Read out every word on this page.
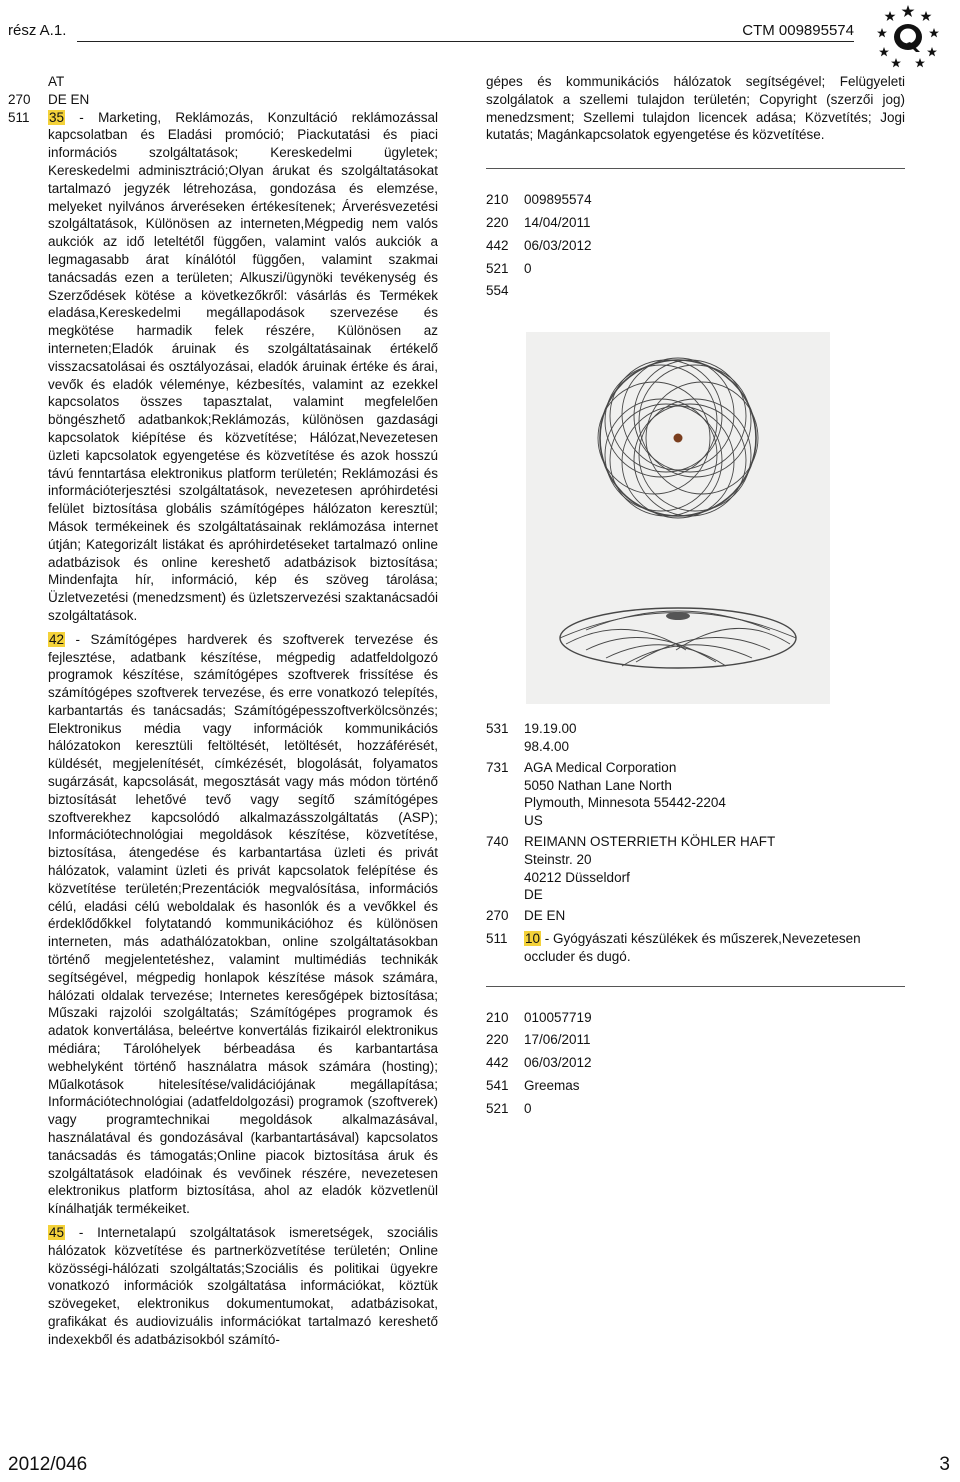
rész A.1.	CTM 009895574
AT
270	DE EN
511	35 - Marketing, Reklámozás, Konzultáció reklámozással kapcsolatban és Eladási promóció; Piackutatási és piaci információs szolgáltatások; Kereskedelmi ügyletek; Kereskedelmi adminisztráció;Olyan árukat és szolgáltatásokat tartalmazó jegyzék létrehozása, gondozása és elemzése, melyeket nyilvános árveréseken értékesítenek; Árverésvezetési szolgáltatások, Különösen az interneten,Mégpedig nem valós aukciók az idő leteltétől függően, valamint valós aukciók a legmagasabb árat kínálótól függően, valamint szakmai tanácsadás ezen a területen; Alkuszi/ügynöki tevékenység és Szerződések kötése a következőkről: vásárlás és Termékek eladása,Kereskedelmi megállapodások szervezése és megkötése harmadik felek részére, Különösen az interneten;Eladók áruinak és szolgáltatásainak értékelő visszacsatolásai és osztályozásai, eladók áruinak értéke és árai, vevők és eladók véleménye, kézbesítés, valamint az ezekkel kapcsolatos összes tapasztalat, valamint megfelelően böngészhető adatbankok;Reklámozás, különösen gazdasági kapcsolatok kiépítése és közvetítése; Hálózat,Nevezetesen üzleti kapcsolatok egyengetése és közvetítése és azok hosszú távú fenntartása elektronikus platform területén; Reklámozási és információterjesztési szolgáltatások, nevezetesen apróhirdetési felület biztosítása globális számítógépes hálózaton keresztül; Mások termékeinek és szolgáltatásainak reklámozása internet útján; Kategorizált listákat és apróhirdetéseket tartalmazó online adatbázisok és online kereshető adatbázisok biztosítása; Mindenfajta hír, információ, kép és szöveg tárolása; Üzletvezetési (menedzsment) és üzletszervezési szaktanácsadói szolgáltatások.
42 - Számítógépes hardverek és szoftverek tervezése és fejlesztése, adatbank készítése, mégpedig adatfeldolgozó programok készítése, számítógépes szoftverek frissítése és számítógépes szoftverek tervezése, és erre vonatkozó telepítés, karbantartás és tanácsadás; Számítógépesszoftverkölcsönzés; Elektronikus média vagy információk kommunikációs hálózatokon keresztüli feltöltését, letöltését, hozzáférését, küldését, megjelenítését, címkézését, blogolását, folyamatos sugárzását, kapcsolását, megosztását vagy más módon történő biztosítását lehetővé tevő vagy segítő számítógépes szoftverekhez kapcsolódó alkalmazásszolgáltatás (ASP); Információtechnológiai megoldások készítése, közvetítése, biztosítása, átengedése és karbantartása üzleti és privát hálózatok, valamint üzleti és privát kapcsolatok felépítése és közvetítése területén;Prezentációk megvalósítása, információs célú, eladási célú weboldalak és hasonlók és a vevőkkel és érdeklődőkkel folytatandó kommunikációhoz és különösen interneten, más adathálózatokban, online szolgáltatásokban történő megjelentetéshez, valamint multimédiás technikák segítségével, mégpedig honlapok készítése mások számára, hálózati oldalak tervezése; Internetes keresőgépek biztosítása; Műszaki rajzolói szolgáltatás; Számítógépes programok és adatok konvertálása, beleértve konvertálás fizikairól elektronikus médiára; Tárolóhelyek bérbeadása és karbantartása webhelyként történő használatra mások számára (hosting); Műalkotások hitelesítése/validációjának megállapítása; Információtechnológiai (adatfeldolgozási) programok (szoftverek) vagy programtechnikai megoldások alkalmazásával, használatával és gondozásával (karbantartásával) kapcsolatos tanácsadás és támogatás;Online piacok biztosítása áruk és szolgáltatások eladóinak és vevőinek részére, nevezetesen elektronikus platform biztosítása, ahol az eladók közvetlenül kínálhatják termékeiket.
45 - Internetalapú szolgáltatások ismeretségek, szociális hálózatok közvetítése és partnerközvetítése területén; Online közösségi-hálózati szolgáltatás;Szociális és politikai ügyekre vonatkozó információk szolgáltatása információkat, köztük szövegeket, elektronikus dokumentumokat, adatbázisokat, grafikákat és audiovizuális információkat tartalmazó kereshető indexekből és adatbázisokból számító-
gépes és kommunikációs hálózatok segítségével; Felügyeleti szolgálatok a szellemi tulajdon területén; Copyright (szerzői jog) menedzsment; Szellemi tulajdon licencek adása; Közvetítés; Jogi kutatás; Magánkapcsolatok egyengetése és közvetítése.
210	009895574
220	14/04/2011
442	06/03/2012
521	0
554
531	19.19.00
98.4.00
731	AGA Medical Corporation
5050 Nathan Lane North
Plymouth, Minnesota 55442-2204
US
740	REIMANN OSTERRIETH KÖHLER HAFT
Steinstr. 20
40212 Düsseldorf
DE
270	DE EN
511	10 - Gyógyászati készülékek és műszerek,Nevezetesen occluder és dugó.
210	010057719
220	17/06/2011
442	06/03/2012
541	Greemas
521	0
2012/046	3
